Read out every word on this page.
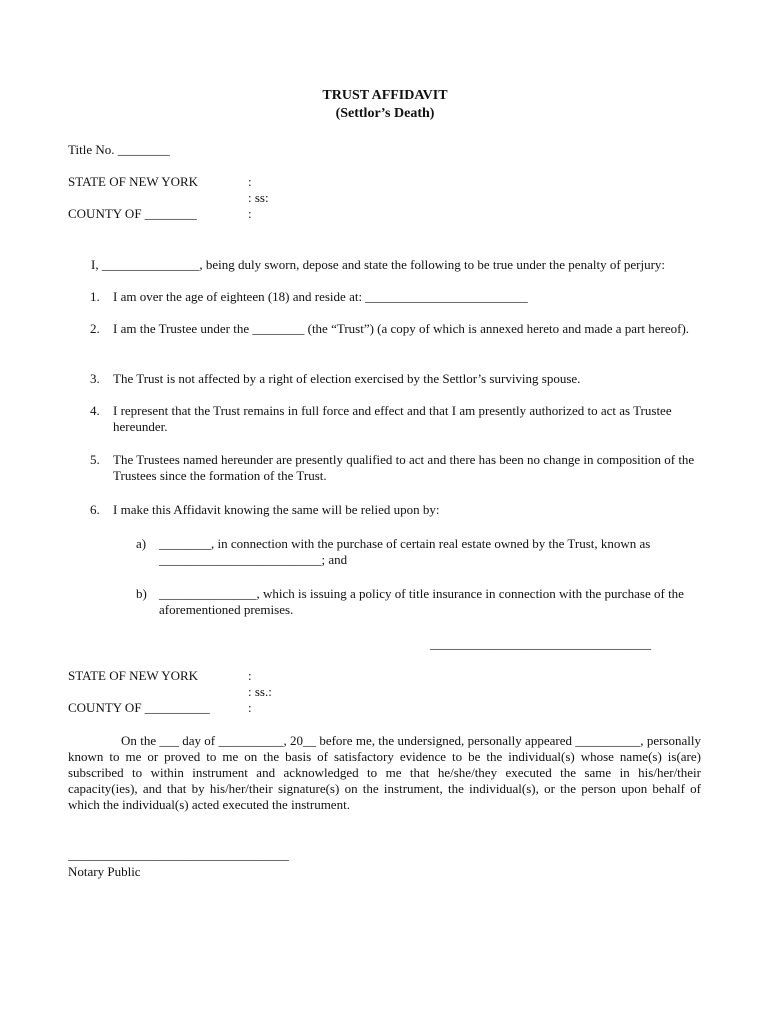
TRUST AFFIDAVIT
(Settlor’s Death)
Title No. ________
STATE OF NEW YORK	:
: ss:
COUNTY OF ________	:
I, _______________, being duly sworn, depose and state the following to be true under the penalty of perjury:
1. I am over the age of eighteen (18) and reside at: _________________________
2. I am the Trustee under the ________ (the “Trust”) (a copy of which is annexed hereto and made a part hereof).
3. The Trust is not affected by a right of election exercised by the Settlor’s surviving spouse.
4. I represent that the Trust remains in full force and effect and that I am presently authorized to act as Trustee hereunder.
5. The Trustees named hereunder are presently qualified to act and there has been no change in composition of the Trustees since the formation of the Trust.
6. I make this Affidavit knowing the same will be relied upon by:
a) ________, in connection with the purchase of certain real estate owned by the Trust, known as _________________________; and
b) _______________, which is issuing a policy of title insurance in connection with the purchase of the aforementioned premises.
__________________________________
STATE OF NEW YORK	:
: ss.:
COUNTY OF __________	:
On the ___ day of __________, 20__ before me, the undersigned, personally appeared __________, personally known to me or proved to me on the basis of satisfactory evidence to be the individual(s) whose name(s) is(are) subscribed to within instrument and acknowledged to me that he/she/they executed the same in his/her/their capacity(ies), and that by his/her/their signature(s) on the instrument, the individual(s), or the person upon behalf of which the individual(s) acted executed the instrument.
__________________________________
Notary Public
